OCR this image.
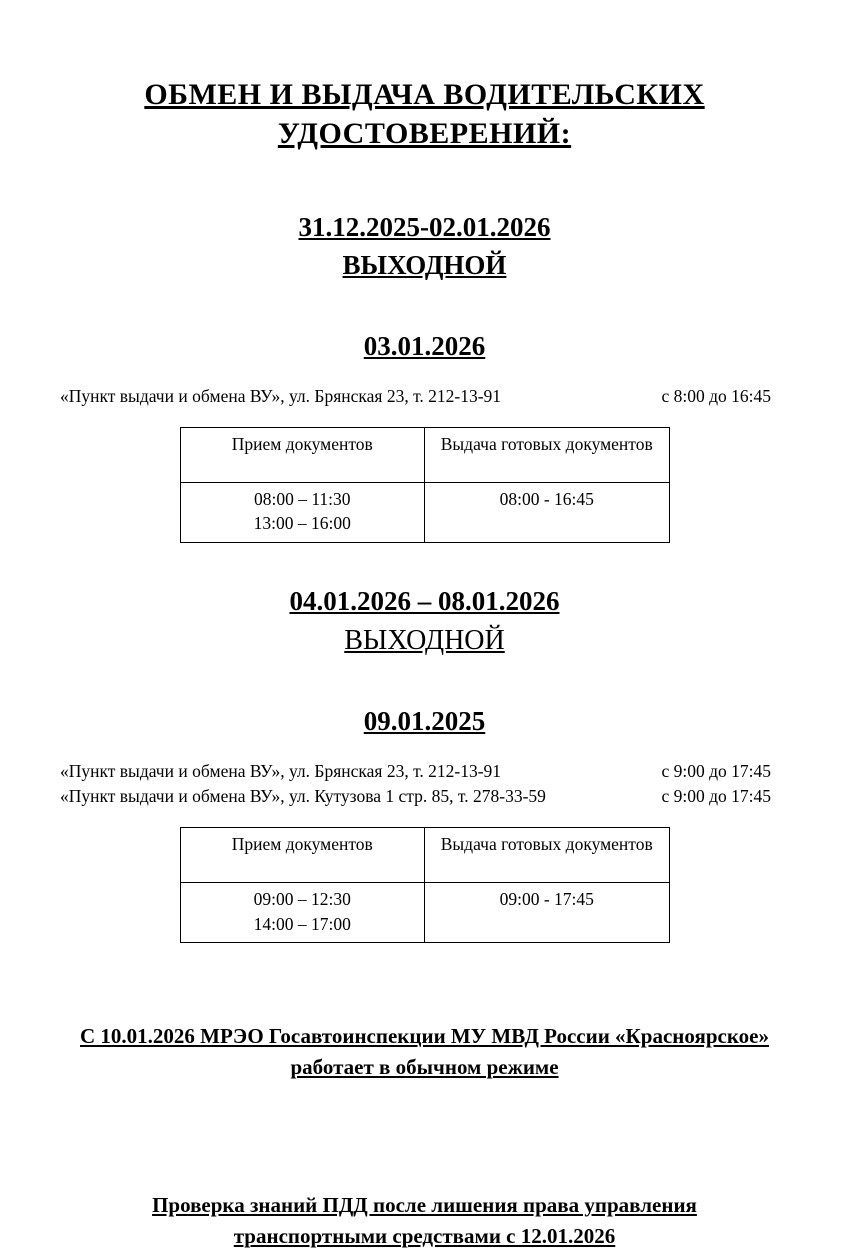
ОБМЕН И ВЫДАЧА ВОДИТЕЛЬСКИХ УДОСТОВЕРЕНИЙ:
31.12.2025-02.01.2026
ВЫХОДНОЙ
03.01.2026
«Пункт выдачи и обмена ВУ», ул. Брянская 23, т. 212-13-91	с 8:00 до 16:45
Прием документов	Выдача готовых документов

08:00 – 11:30
13:00 – 16:00	08:00 - 16:45
04.01.2026 – 08.01.2026
ВЫХОДНОЙ
09.01.2025
«Пункт выдачи и обмена ВУ», ул. Брянская 23, т. 212-13-91	с 9:00 до 17:45
«Пункт выдачи и обмена ВУ», ул. Кутузова 1 стр. 85, т. 278-33-59	с 9:00 до 17:45
Прием документов	Выдача готовых документов

09:00 – 12:30
14:00 – 17:00	09:00 - 17:45
С 10.01.2026 МРЭО Госавтоинспекции МУ МВД России «Красноярское» работает в обычном режиме
Проверка знаний ПДД после лишения права управления транспортными средствами с 12.01.2026
